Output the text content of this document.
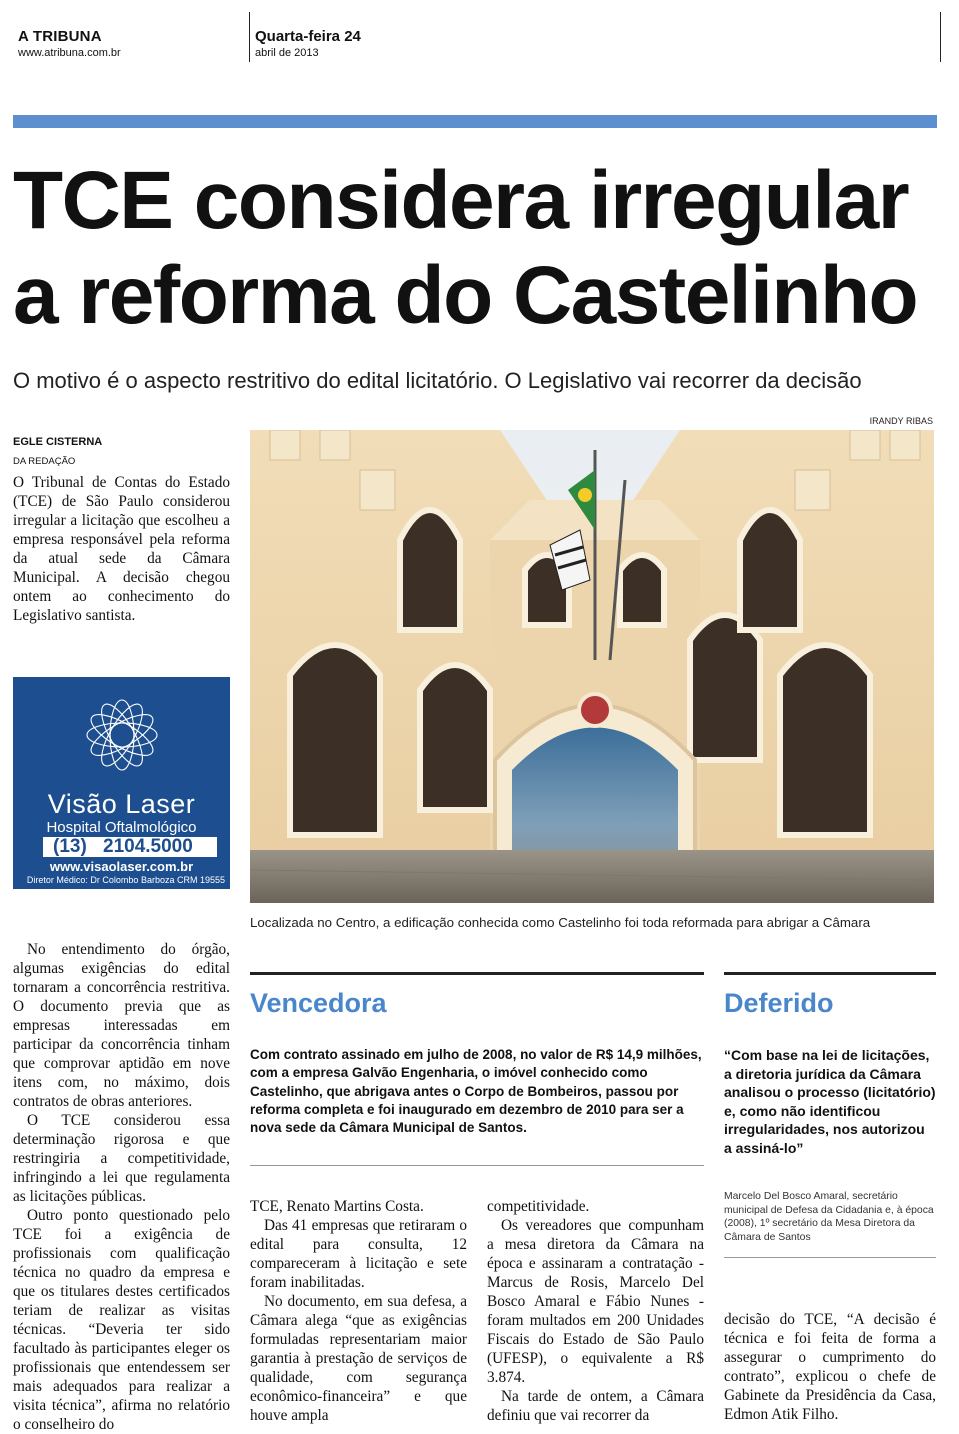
A TRIBUNA
www.atribuna.com.br
Quarta-feira 24
abril de 2013
TCE considera irregular
a reforma do Castelinho

O motivo é o aspecto restritivo do edital licitatório. O Legislativo vai recorrer da decisão

IRANDY RIBAS
Localizada no Centro, a edificação conhecida como Castelinho foi toda reformada para abrigar a Câmara
EGLE CISTERNA
DA REDAÇÃO

O Tribunal de Contas do Estado (TCE) de São Paulo considerou irregular a licitação que escolheu a empresa responsável pela reforma da atual sede da Câmara Municipal. A decisão chegou ontem ao conhecimento do Legislativo santista.

Visão Laser
Hospital Oftalmológico
(13) 2104.5000
www.visaolaser.com.br
Diretor Médico: Dr Colombo Barboza CRM 19555

No entendimento do órgão, algumas exigências do edital tornaram a concorrência restritiva. O documento previa que as empresas interessadas em participar da concorrência tinham que comprovar aptidão em nove itens com, no máximo, dois contratos de obras anteriores.

O TCE considerou essa determinação rigorosa e que restringiria a competitividade, infringindo a lei que regulamenta as licitações públicas.

Outro ponto questionado pelo TCE foi a exigência de profissionais com qualificação técnica no quadro da empresa e que os titulares destes certificados teriam de realizar as visitas técnicas. “Deveria ter sido facultado às participantes eleger os profissionais que entendessem ser mais adequados para realizar a visita técnica”, afirma no relatório o conselheiro do

Vencedora
Com contrato assinado em julho de 2008, no valor de R$ 14,9 milhões, com a empresa Galvão Engenharia, o imóvel conhecido como Castelinho, que abrigava antes o Corpo de Bombeiros, passou por reforma completa e foi inaugurado em dezembro de 2010 para ser a nova sede da Câmara Municipal de Santos.
Deferido
“Com base na lei de licitações, a diretoria jurídica da Câmara analisou o processo (licitatório) e, como não identificou irregularidades, nos autorizou a assiná-lo”
Marcelo Del Bosco Amaral, secretário municipal de Defesa da Cidadania e, à época (2008), 1º secretário da Mesa Diretora da Câmara de Santos

TCE, Renato Martins Costa.

Das 41 empresas que retiraram o edital para consulta, 12 compareceram à licitação e sete foram inabilitadas.

No documento, em sua defesa, a Câmara alega “que as exigências formuladas representariam maior garantia à prestação de serviços de qualidade, com segurança econômico-financeira” e que houve ampla

competitividade.

Os vereadores que compunham a mesa diretora da Câmara na época e assinaram a contratação - Marcus de Rosis, Marcelo Del Bosco Amaral e Fábio Nunes - foram multados em 200 Unidades Fiscais do Estado de São Paulo (UFESP), o equivalente a R$ 3.874.

Na tarde de ontem, a Câmara definiu que vai recorrer da

decisão do TCE, “A decisão é técnica e foi feita de forma a assegurar o cumprimento do contrato”, explicou o chefe de Gabinete da Presidência da Casa, Edmon Atik Filho.
